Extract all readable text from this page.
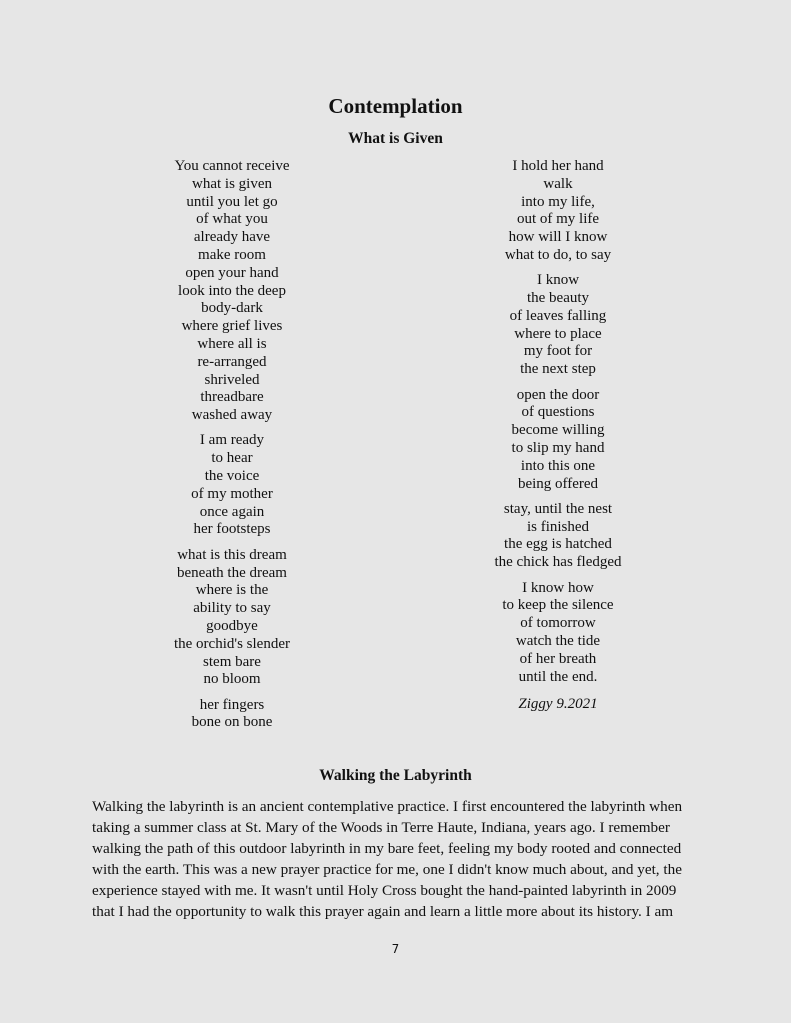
Contemplation
What is Given
You cannot receive
what is given
until you let go
of what you
already have
make room
open your hand
look into the deep
body-dark
where grief lives
where all is
re-arranged
shriveled
threadbare
washed away
I am ready
to hear
the voice
of my mother
once again
her footsteps
what is this dream
beneath the dream
where is the
ability to say
goodbye
the orchid's slender
stem bare
no bloom
her fingers
bone on bone
I hold her hand
walk
into my life,
out of my life
how will I know
what to do, to say
I know
the beauty
of leaves falling
where to place
my foot for
the next step
open the door
of questions
become willing
to slip my hand
into this one
being offered
stay, until the nest
is finished
the egg is hatched
the chick has fledged
I know how
to keep the silence
of tomorrow
watch the tide
of her breath
until the end.
Ziggy 9.2021
Walking the Labyrinth
Walking the labyrinth is an ancient contemplative practice. I first encountered the labyrinth when
taking a summer class at St. Mary of the Woods in Terre Haute, Indiana, years ago. I remember
walking the path of this outdoor labyrinth in my bare feet, feeling my body rooted and connected
with the earth. This was a new prayer practice for me, one I didn't know much about, and yet, the
experience stayed with me. It wasn't until Holy Cross bought the hand-painted labyrinth in 2009
that I had the opportunity to walk this prayer again and learn a little more about its history. I am
7
